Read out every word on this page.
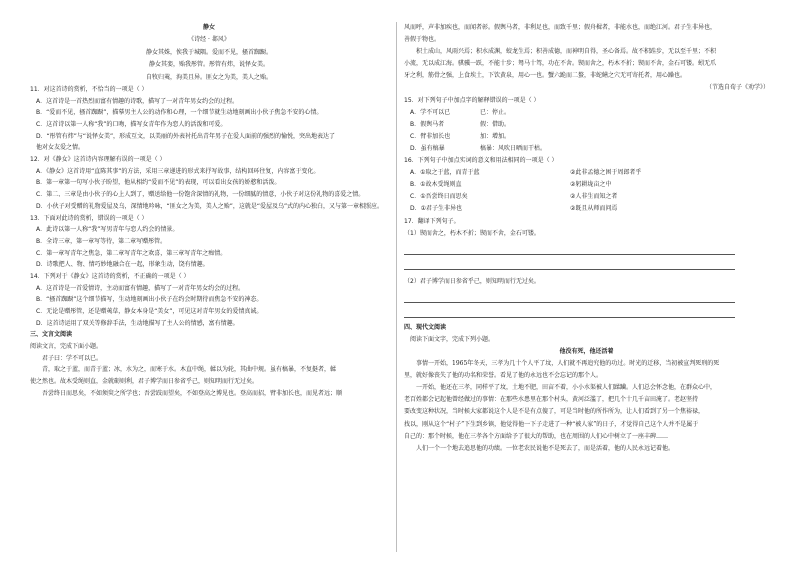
静女
《诗经 · 邶风》
静女其姝，俟我于城隅。爱而不见，搔首踟蹰。
静女其娈，贻我彤管。彤管有炜，说怿女美。
自牧归荑，洵美且异。匪女之为美，美人之贻。
11．对这首诗的赏析，不恰当的一项是（ ）
A．这首诗是一首热烈而富有情趣的诗歌，描写了一对青年男女约会的过程。
B．“爱而不见，搔首踟蹰”，描摹男主人公的动作和心理，一个细节就生动地刻画出小伙子焦急不安的心情。
C．这首诗以第一人称“我”的口吻，描写女青年作为恋人的活泼和可爱。
D．“彤管有炜”与“说怿女美”，形成互文，以美丽的外表衬托出青年男子在爱人面前的强烈的愉悦，突出地表达了
他对女友爱之情。
12．对《静女》这首诗内容理解有误的一项是（ ）
A．《静女》这首诗用“直陈其事”的方法，采用三章递进的形式来抒写故事，结构回环往复，内容富于变化。
B．第一章第一句写小伙子盼望，他从相约“爱而不见”的表现，可以看出女孩的娇憨和活泼。
C．第二、三章是由小伙子的心上人到了，赠送给他一份饱含深情的礼物，一份细腻的情意，小伙子对这份礼物的喜爱之情。
D．小伙子对受赠的礼物爱屋及乌，深情地吟咏，“匪女之为美，美人之贻”，这就是“爱屋及乌”式的内心独白，又与第一章相照应。
13．下面对此诗的赏析，错误的一项是（ ）
A．此诗以第一人称“我”写男青年与恋人约会的情景。
B．全诗三章，第一章写等待，第二章写赠彤管。
C．第一章写青年之焦急，第二章写青年之欢喜，第三章写青年之痴情。
D．诗歌把人、物、情巧妙地融合在一起，形象生动，饶有情趣。
14．下列对于《静女》这首诗的赏析，不正确的一项是（ ）
A．这首诗是一首爱情诗，主动而富有情趣，描写了一对青年男女约会的过程。
B．“搔首踟蹰”这个细节描写，生动地刻画出小伙子在约会时期待而焦急不安的神态。
C．无论是赠彤管，还是赠荑草，静女本身是“美女”，可见这对青年男女的爱情真诚。
D．这首诗运用了双关等修辞手法，生动地描写了主人公的情感，富有情趣。
三、文言文阅读
阅读文言，完成下面小题。
君子曰：学不可以已。
青，取之于蓝，而青于蓝；冰，水为之，而寒于水。木直中绳，輮以为轮，其曲中规。虽有槁暴，不复挺者，輮
使之然也。故木受绳则直，金就砺则利，君子博学而日参省乎己，则知明而行无过矣。
吾尝终日而思矣，不如须臾之所学也；吾尝跂而望矣，不如登高之博见也。登高而招，臂非加长也，而见者远；顺
风而呼，声非加疾也，而闻者彰。假舆马者，非利足也，而致千里；假舟楫者，非能水也，而绝江河。君子生非异也，
善假于物也。
积土成山，风雨兴焉；积水成渊，蛟龙生焉；积善成德，而神明自得，圣心备焉。故不积跬步，无以至千里；不积
小流，无以成江海。骐骥一跃，不能十步；驽马十驾，功在不舍。锲而舍之，朽木不折；锲而不舍，金石可镂。蚓无爪
牙之利，筋骨之强，上食埃土，下饮黄泉，用心一也。蟹六跪而二螯，非蛇鳝之穴无可寄托者，用心躁也。
（节选自荀子《劝学》）
15．对下列句子中加点字的解释错误的一项是（ ）
A．学不可以已	已：停止。
B．假舆马者	假：借助。
C．臂非加长也	加：增加。
D．虽有槁暴	槁暴：风吹日晒而干枯。
16．下列句子中加点实词的意义和用法相同的一项是（ ）
A．①取之于蓝，而青于蓝	②此非孟德之困于周郎者乎
B．①故木受绳则直	②躬耕垅亩之中
C．①吾尝终日而思矣	②人非生而知之者
D．①君子生非异也	②既且从师而问焉
17．翻译下列句子。
（1）锲而舍之，朽木不折；锲而不舍，金石可镂。
（2）君子博学而日参省乎己，则知明而行无过矣。
四、现代文阅读
阅读下面文字，完成下列小题。
他没有死，他还活着
事情一开始，1965年冬天，三孝为几十个人平了坟，人们就不再追究他的功过。时光的迁移，当初被宣判死刑的死
里，就好像丧失了他的功名和荣誉。看见了他的永远也不会忘记的那个人。
一开始，他还在三孝，同样平了坟，土地不肥，田亩不着，小小水渠被人们蹂躏。人们总会怀念他，在群众心中，
老百姓都会记起他曾经做过的事情：在那些水患里在那个村头，黄河泛滥了，把几个十几千亩田淹了。老赵坚持
要改变这种状况，当时候大家都说这个人是不是有点傻了，可是当时他的所作所为，让人们看到了另一个焦裕禄，
找以，刚从这个“村子”下生到乡镇，他觉得他一下子走进了一种“被人家”的日子，才觉得自己这个人并不是属于
自己的：那个时候，他在三孝各个方面给予了很大的帮助，也在周围的人们心中树立了一座丰碑……
人们一个一个地去追思他的功绩。一位老农民说他不是死去了，而是活着，他的人民永远记着他。
